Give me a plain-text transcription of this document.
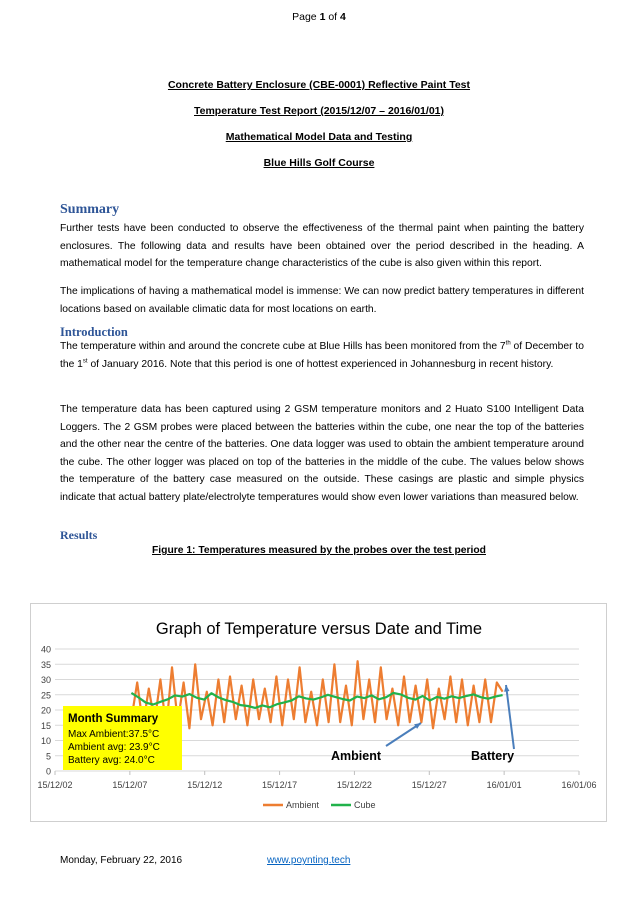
Page 1 of 4
Concrete Battery Enclosure (CBE-0001) Reflective Paint Test
Temperature Test Report (2015/12/07 – 2016/01/01)
Mathematical Model Data and Testing
Blue Hills Golf Course
Summary

Further tests have been conducted to observe the effectiveness of the thermal paint when painting the battery enclosures. The following data and results have been obtained over the period described in the heading. A mathematical model for the temperature change characteristics of the cube is also given within this report.

The implications of having a mathematical model is immense: We can now predict battery temperatures in different locations based on available climatic data for most locations on earth.

Introduction

The temperature within and around the concrete cube at Blue Hills has been monitored from the 7th of December to the 1st of January 2016. Note that this period is one of hottest experienced in Johannesburg in recent history.

The temperature data has been captured using 2 GSM temperature monitors and 2 Huato S100 Intelligent Data Loggers. The 2 GSM probes were placed between the batteries within the cube, one near the top of the batteries and the other near the centre of the batteries. One data logger was used to obtain the ambient temperature around the cube. The other logger was placed on top of the batteries in the middle of the cube. The values below shows the temperature of the battery case measured on the outside. These casings are plastic and simple physics indicate that actual battery plate/electrolyte temperatures would show even lower variations than measured below.

Results
Figure 1: Temperatures measured by the probes over the test period
Graph of Temperature versus Date and Time
0
5
10
15
20
25
30
35
40
15/12/02	15/12/07	15/12/12	15/12/17	15/12/22	15/12/27	16/01/01	16/01/06
Month Summary
Max Ambient:37.5°C
Ambient avg: 23.9°C
Battery avg: 24.0°C	Ambient	Battery
Ambient	Cube
Monday, February 22, 2016	www.poynting.tech
